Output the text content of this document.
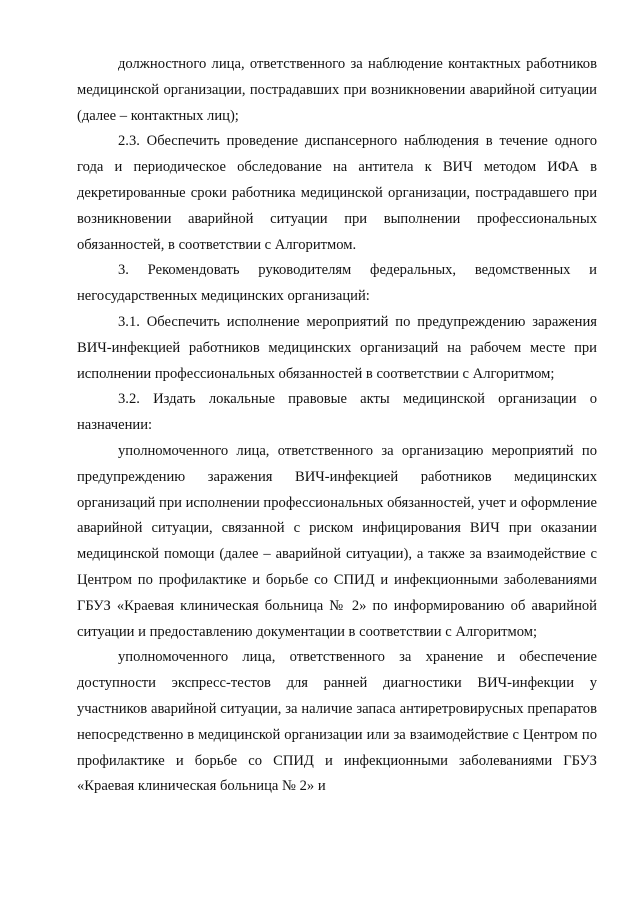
должностного лица, ответственного за наблюдение контактных работников медицинской организации, пострадавших при возникновении аварийной ситуации (далее – контактных лиц);

2.3. Обеспечить проведение диспансерного наблюдения в течение одного года и периодическое обследование на антитела к ВИЧ методом ИФА в декретированные сроки работника медицинской организации, пострадавшего при возникновении аварийной ситуации при выполнении профессиональных обязанностей, в соответствии с Алгоритмом.

3. Рекомендовать руководителям федеральных, ведомственных и негосударственных медицинских организаций:

3.1. Обеспечить исполнение мероприятий по предупреждению заражения ВИЧ-инфекцией работников медицинских организаций на рабочем месте при исполнении профессиональных обязанностей в соответствии с Алгоритмом;

3.2. Издать локальные правовые акты медицинской организации о назначении:

уполномоченного лица, ответственного за организацию мероприятий по предупреждению заражения ВИЧ-инфекцией работников медицинских организаций при исполнении профессиональных обязанностей, учет и оформление аварийной ситуации, связанной с риском инфицирования ВИЧ при оказании медицинской помощи (далее – аварийной ситуации), а также за взаимодействие с Центром по профилактике и борьбе со СПИД и инфекционными заболеваниями ГБУЗ «Краевая клиническая больница № 2» по информированию об аварийной ситуации и предоставлению документации в соответствии с Алгоритмом;

уполномоченного лица, ответственного за хранение и обеспечение доступности экспресс-тестов для ранней диагностики ВИЧ-инфекции у участников аварийной ситуации, за наличие запаса антиретровирусных препаратов непосредственно в медицинской организации или за взаимодействие с Центром по профилактике и борьбе со СПИД и инфекционными заболеваниями ГБУЗ «Краевая клиническая больница № 2» и
